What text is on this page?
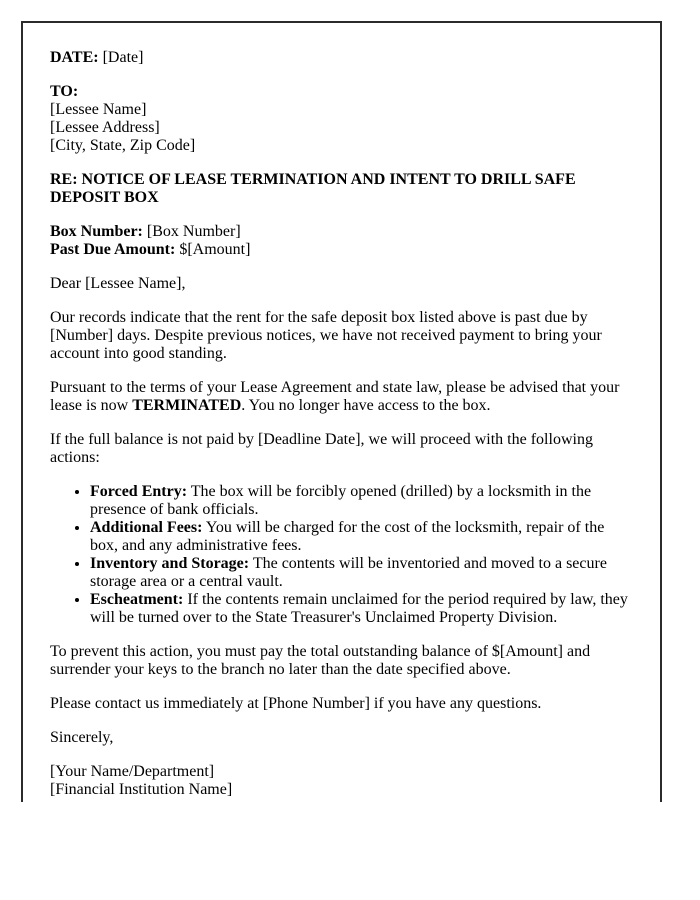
DATE: [Date]

TO:
[Lessee Name]
[Lessee Address]
[City, State, Zip Code]

RE: NOTICE OF LEASE TERMINATION AND INTENT TO DRILL SAFE DEPOSIT BOX

Box Number: [Box Number]
Past Due Amount: $[Amount]

Dear [Lessee Name],

Our records indicate that the rent for the safe deposit box listed above is past due by [Number] days. Despite previous notices, we have not received payment to bring your account into good standing.

Pursuant to the terms of your Lease Agreement and state law, please be advised that your lease is now TERMINATED. You no longer have access to the box.

If the full balance is not paid by [Deadline Date], we will proceed with the following actions:

• Forced Entry: The box will be forcibly opened (drilled) by a locksmith in the presence of bank officials.
• Additional Fees: You will be charged for the cost of the locksmith, repair of the box, and any administrative fees.
• Inventory and Storage: The contents will be inventoried and moved to a secure storage area or a central vault.
• Escheatment: If the contents remain unclaimed for the period required by law, they will be turned over to the State Treasurer's Unclaimed Property Division.

To prevent this action, you must pay the total outstanding balance of $[Amount] and surrender your keys to the branch no later than the date specified above.

Please contact us immediately at [Phone Number] if you have any questions.

Sincerely,

[Your Name/Department]
[Financial Institution Name]
